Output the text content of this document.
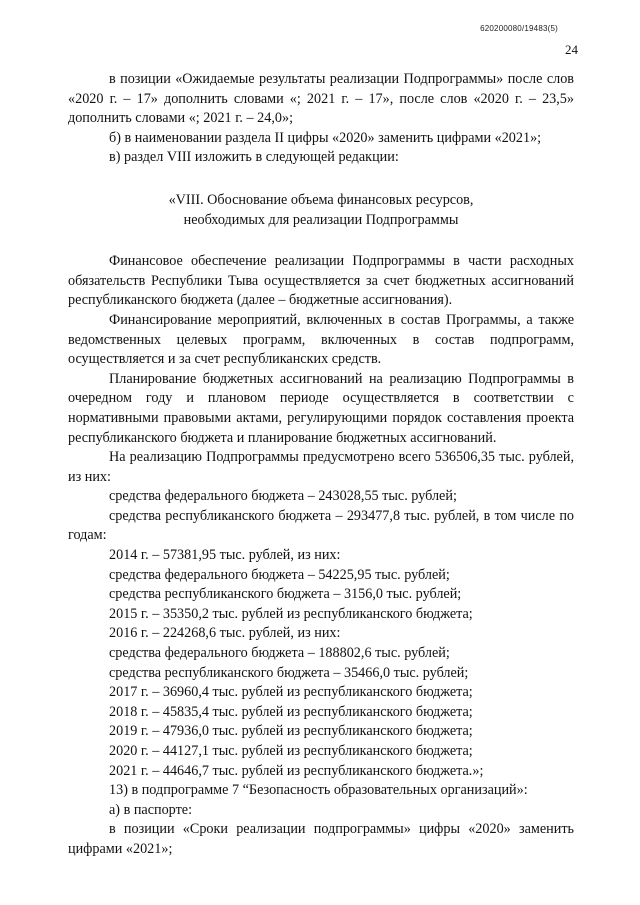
620200080/19483(5)
24

в позиции «Ожидаемые результаты реализации Подпрограммы» после слов «2020 г. – 17» дополнить словами «; 2021 г. – 17», после слов «2020 г. – 23,5» дополнить словами «; 2021 г. – 24,0»;

б) в наименовании раздела II цифры «2020» заменить цифрами «2021»;

в) раздел VIII изложить в следующей редакции:

«VIII. Обоснование объема финансовых ресурсов,
необходимых для реализации Подпрограммы

Финансовое обеспечение реализации Подпрограммы в части расходных обязательств Республики Тыва осуществляется за счет бюджетных ассигнований республиканского бюджета (далее – бюджетные ассигнования).

Финансирование мероприятий, включенных в состав Программы, а также ведомственных целевых программ, включенных в состав подпрограмм, осуществляется и за счет республиканских средств.

Планирование бюджетных ассигнований на реализацию Подпрограммы в очередном году и плановом периоде осуществляется в соответствии с нормативными правовыми актами, регулирующими порядок составления проекта республиканского бюджета и планирование бюджетных ассигнований.

На реализацию Подпрограммы предусмотрено всего 536506,35 тыс. рублей, из них:

средства федерального бюджета – 243028,55 тыс. рублей;

средства республиканского бюджета – 293477,8 тыс. рублей, в том числе по годам:

2014 г. – 57381,95 тыс. рублей, из них:

средства федерального бюджета – 54225,95 тыс. рублей;

средства республиканского бюджета – 3156,0 тыс. рублей;

2015 г. – 35350,2 тыс. рублей из республиканского бюджета;

2016 г. – 224268,6 тыс. рублей, из них:

средства федерального бюджета – 188802,6 тыс. рублей;

средства республиканского бюджета – 35466,0 тыс. рублей;

2017 г. – 36960,4 тыс. рублей из республиканского бюджета;

2018 г. – 45835,4 тыс. рублей из республиканского бюджета;

2019 г. – 47936,0 тыс. рублей из республиканского бюджета;

2020 г. – 44127,1 тыс. рублей из республиканского бюджета;

2021 г. – 44646,7 тыс. рублей из республиканского бюджета.»;

13) в подпрограмме 7 “Безопасность образовательных организаций»:

а) в паспорте:

в позиции «Сроки реализации подпрограммы» цифры «2020» заменить цифрами «2021»;
